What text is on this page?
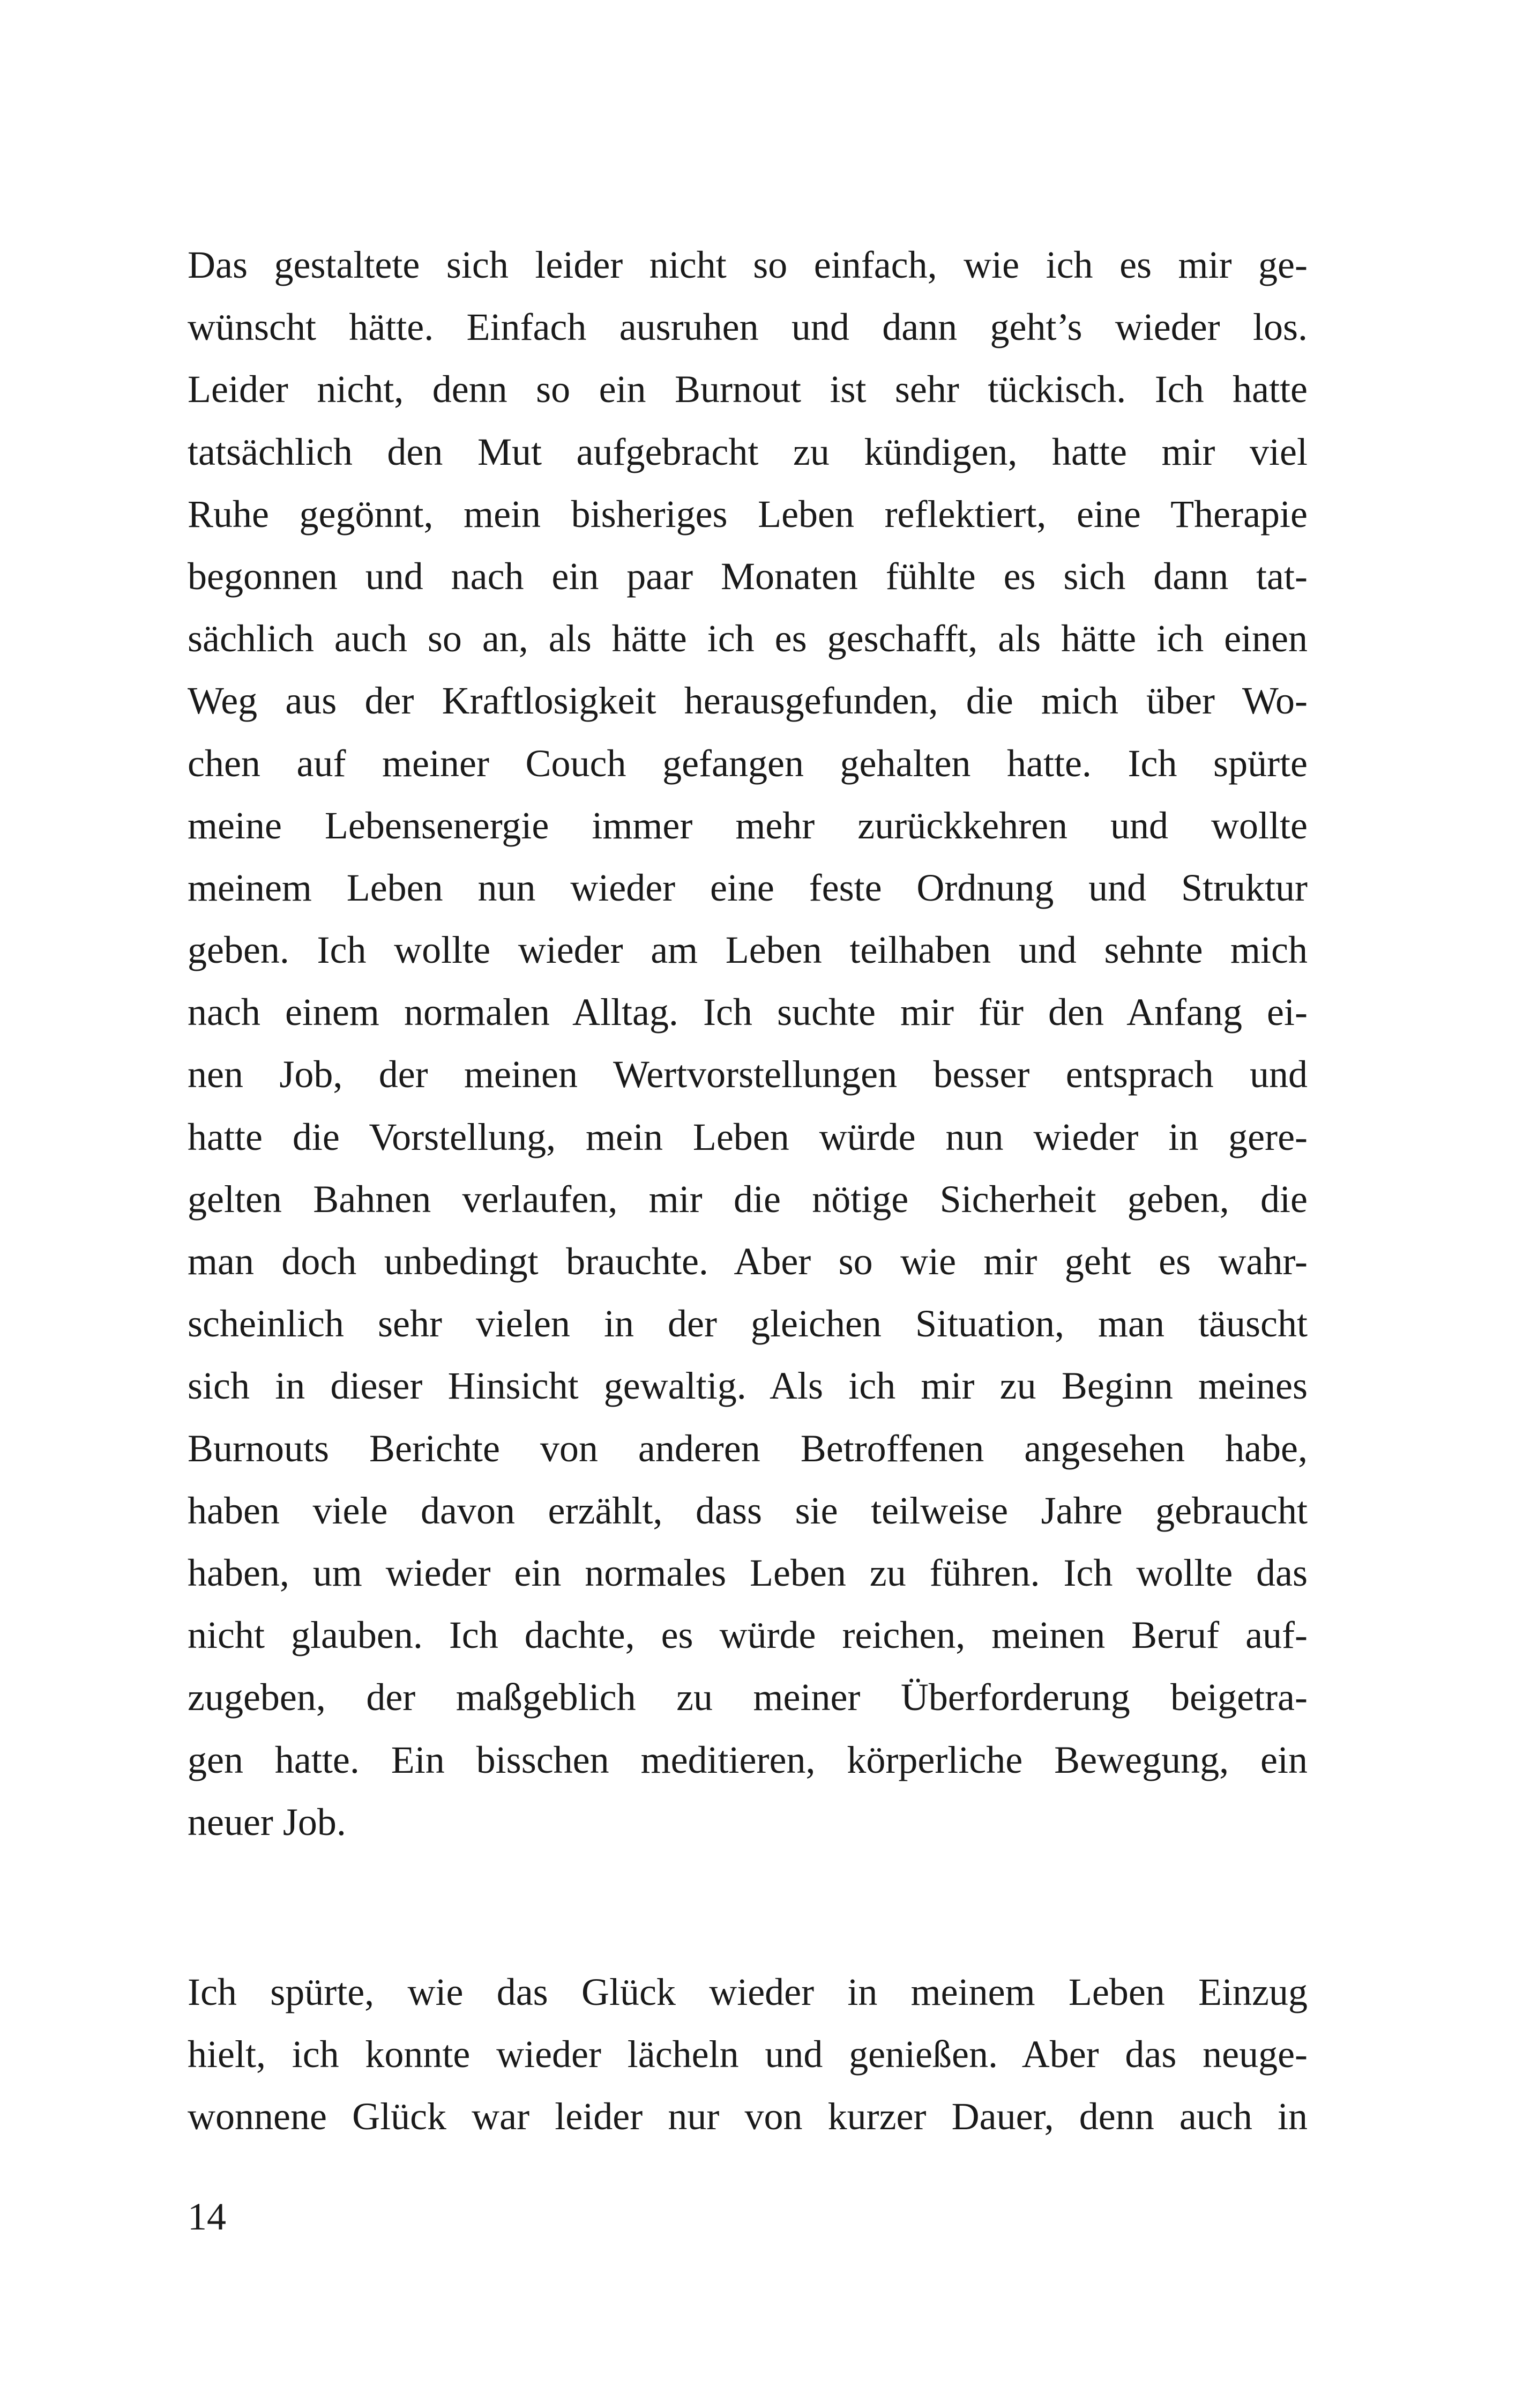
Das gestaltete sich leider nicht so einfach, wie ich es mir ge-
wünscht hätte. Einfach ausruhen und dann geht’s wieder los.
Leider nicht, denn so ein Burnout ist sehr tückisch. Ich hatte
tatsächlich den Mut aufgebracht zu kündigen, hatte mir viel
Ruhe gegönnt, mein bisheriges Leben reflektiert, eine Therapie
begonnen und nach ein paar Monaten fühlte es sich dann tat-
sächlich auch so an, als hätte ich es geschafft, als hätte ich einen
Weg aus der Kraftlosigkeit herausgefunden, die mich über Wo-
chen auf meiner Couch gefangen gehalten hatte. Ich spürte
meine Lebensenergie immer mehr zurückkehren und wollte
meinem Leben nun wieder eine feste Ordnung und Struktur
geben. Ich wollte wieder am Leben teilhaben und sehnte mich
nach einem normalen Alltag. Ich suchte mir für den Anfang ei-
nen Job, der meinen Wertvorstellungen besser entsprach und
hatte die Vorstellung, mein Leben würde nun wieder in gere-
gelten Bahnen verlaufen, mir die nötige Sicherheit geben, die
man doch unbedingt brauchte. Aber so wie mir geht es wahr-
scheinlich sehr vielen in der gleichen Situation, man täuscht
sich in dieser Hinsicht gewaltig. Als ich mir zu Beginn meines
Burnouts Berichte von anderen Betroffenen angesehen habe,
haben viele davon erzählt, dass sie teilweise Jahre gebraucht
haben, um wieder ein normales Leben zu führen. Ich wollte das
nicht glauben. Ich dachte, es würde reichen, meinen Beruf auf-
zugeben, der maßgeblich zu meiner Überforderung beigetra-
gen hatte. Ein bisschen meditieren, körperliche Bewegung, ein
neuer Job.
Ich spürte, wie das Glück wieder in meinem Leben Einzug
hielt, ich konnte wieder lächeln und genießen. Aber das neuge-
wonnene Glück war leider nur von kurzer Dauer, denn auch in
14
